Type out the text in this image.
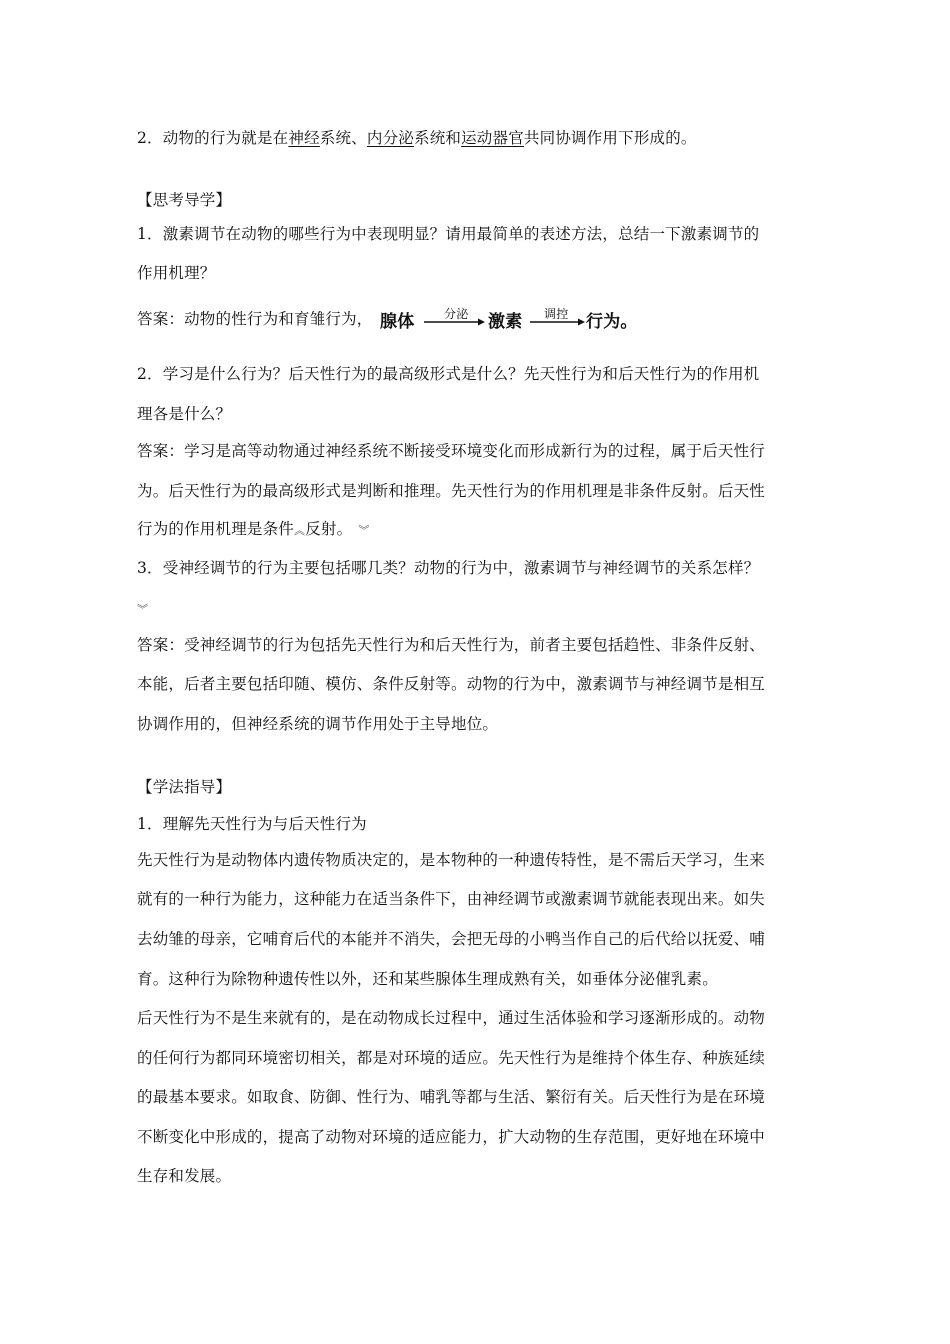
2．动物的行为就是在神经系统、内分泌系统和运动器官共同协调作用下形成的。
【思考导学】
1．激素调节在动物的哪些行为中表现明显？请用最简单的表述方法，总结一下激素调节的
作用机理？
答案：动物的性行为和育雏行为， 腺体 分泌 激素 调控 行为。
2．学习是什么行为？后天性行为的最高级形式是什么？先天性行为和后天性行为的作用机
理各是什么？
答案：学习是高等动物通过神经系统不断接受环境变化而形成新行为的过程，属于后天性行
为。后天性行为的最高级形式是判断和推理。先天性行为的作用机理是非条件反射。后天性
行为的作用机理是条件︽反射。 ︾
3．受神经调节的行为主要包括哪几类？动物的行为中，激素调节与神经调节的关系怎样？
︾
答案：受神经调节的行为包括先天性行为和后天性行为，前者主要包括趋性、非条件反射、
本能，后者主要包括印随、模仿、条件反射等。动物的行为中，激素调节与神经调节是相互
协调作用的，但神经系统的调节作用处于主导地位。
【学法指导】
1．理解先天性行为与后天性行为
先天性行为是动物体内遗传物质决定的，是本物种的一种遗传特性，是不需后天学习，生来
就有的一种行为能力，这种能力在适当条件下，由神经调节或激素调节就能表现出来。如失
去幼雏的母亲，它哺育后代的本能并不消失，会把无母的小鸭当作自己的后代给以抚爱、哺
育。这种行为除物种遗传性以外，还和某些腺体生理成熟有关，如垂体分泌催乳素。
后天性行为不是生来就有的，是在动物成长过程中，通过生活体验和学习逐渐形成的。动物
的任何行为都同环境密切相关，都是对环境的适应。先天性行为是维持个体生存、种族延续
的最基本要求。如取食、防御、性行为、哺乳等都与生活、繁衍有关。后天性行为是在环境
不断变化中形成的，提高了动物对环境的适应能力，扩大动物的生存范围，更好地在环境中
生存和发展。
